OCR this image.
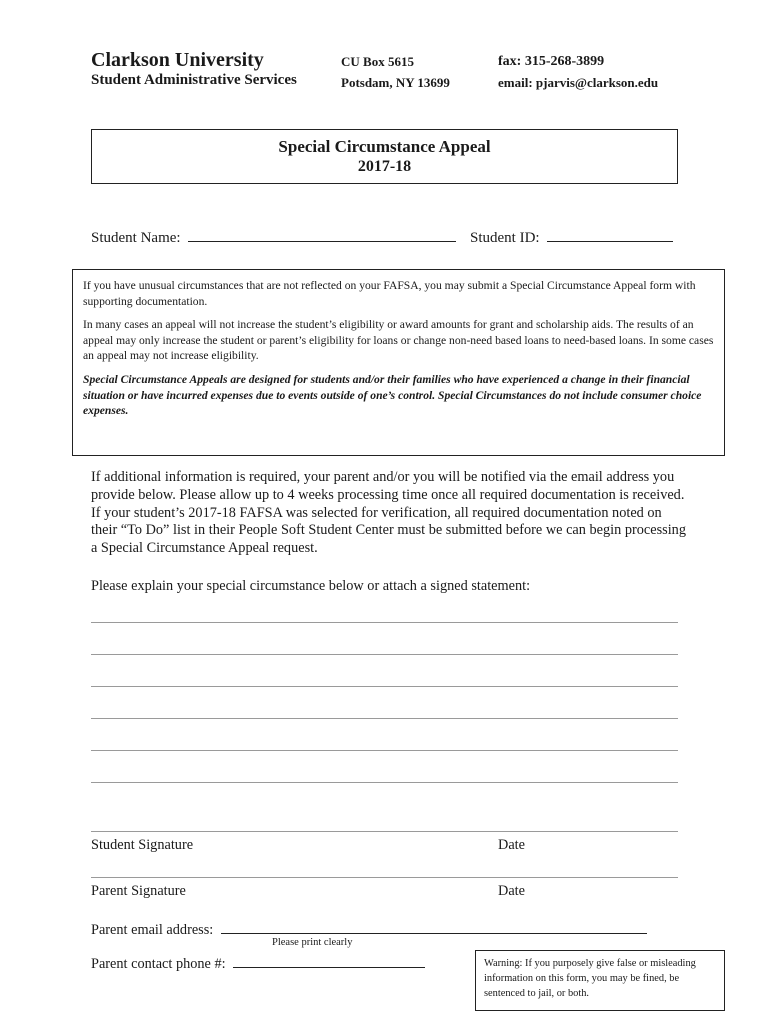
Clarkson University
Student Administrative Services
CU Box 5615
Potsdam, NY 13699
fax: 315-268-3899
email: pjarvis@clarkson.edu
Special Circumstance Appeal
2017-18
Student Name:	Student ID:

If you have unusual circumstances that are not reflected on your FAFSA, you may submit a Special Circumstance Appeal form with supporting documentation.

In many cases an appeal will not increase the student’s eligibility or award amounts for grant and scholarship aids. The results of an appeal may only increase the student or parent’s eligibility for loans or change non-need based loans to need-based loans. In some cases an appeal may not increase eligibility.

Special Circumstance Appeals are designed for students and/or their families who have experienced a change in their financial situation or have incurred expenses due to events outside of one’s control. Special Circumstances do not include consumer choice expenses.

If additional information is required, your parent and/or you will be notified via the email address you provide below. Please allow up to 4 weeks processing time once all required documentation is received. If your student’s 2017-18 FAFSA was selected for verification, all required documentation noted on their “To Do” list in their People Soft Student Center must be submitted before we can begin processing a Special Circumstance Appeal request.
Please explain your special circumstance below or attach a signed statement:
Student Signature	Date
Parent Signature	Date
Parent email address:
Please print clearly
Parent contact phone #:	Warning: If you purposely give false or misleading information on this form, you may be fined, be sentenced to jail, or both.
